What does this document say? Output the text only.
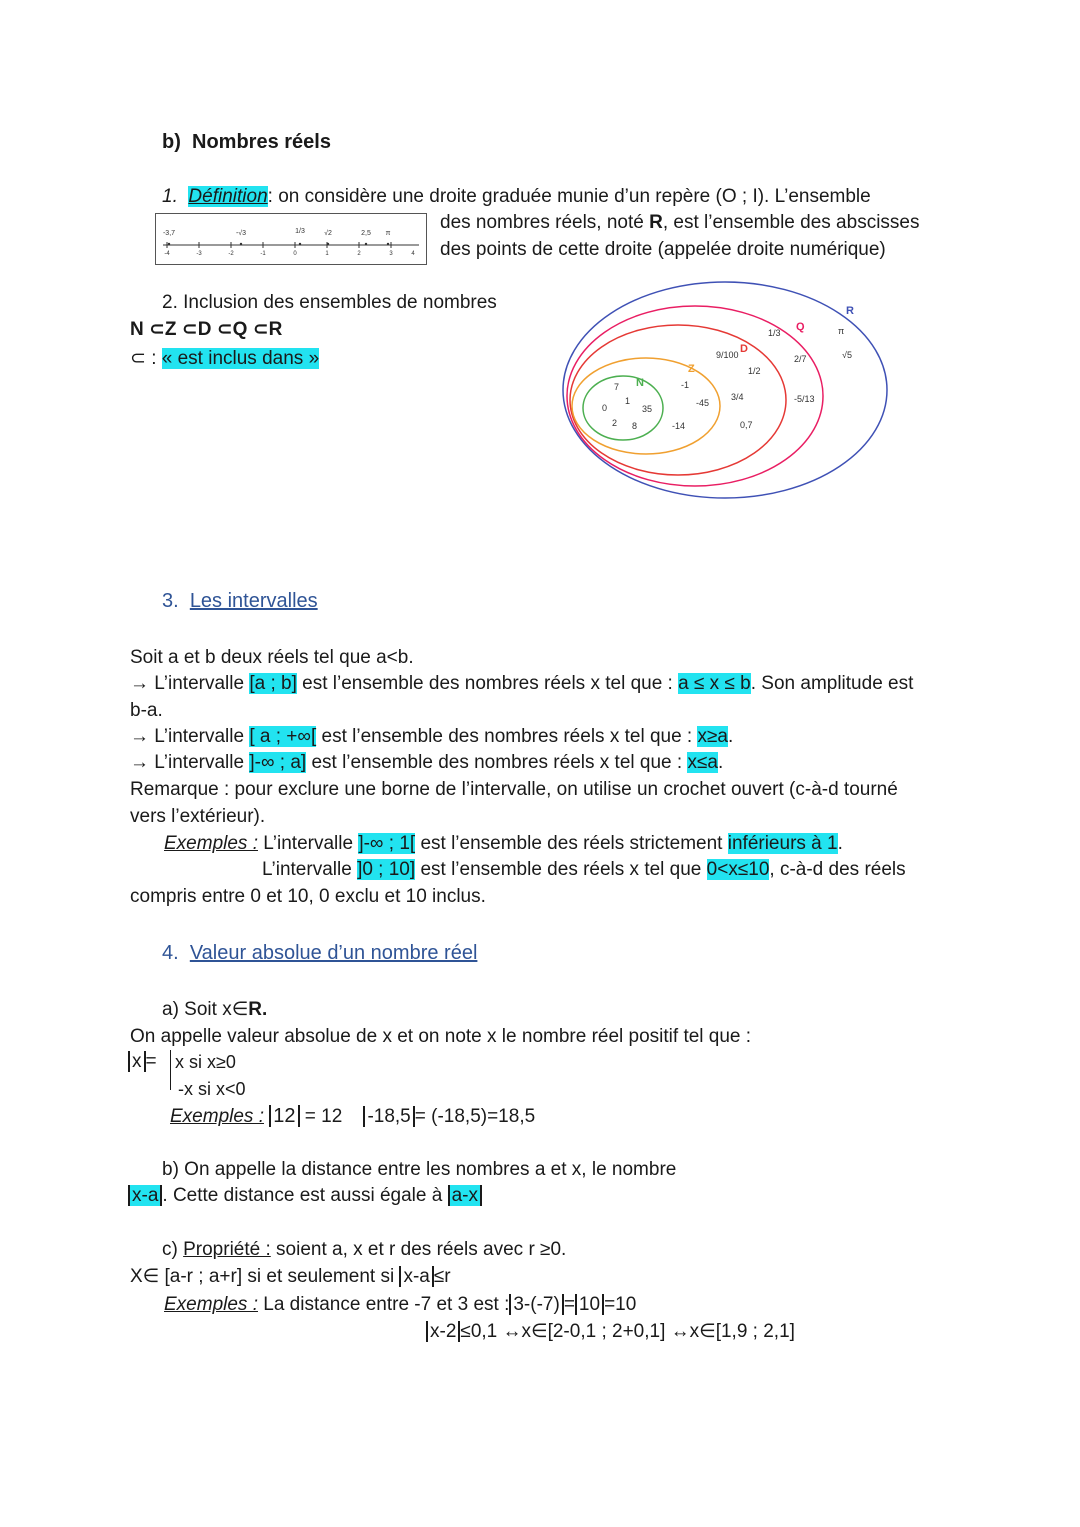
b) Nombres réels
1. Définition: on considère une droite graduée munie d’un repère (O ; I). L’ensemble
des nombres réels, noté R, est l’ensemble des abscisses
des points de cette droite (appelée droite numérique)
-3,7	-√3	1/3	√2	2,5 π
-4	-3	-2	-1	0	1	2	3	4
2. Inclusion des ensembles de nombres
N ⊂Z ⊂D ⊂Q ⊂R
⊂ : « est inclus dans »
N
Z
D
Q
R
7
0
1
35
2 8
-1
-45
-14
9/100
1/2
3/4
0,7
1/3
2/7
-5/13
π
√5
3. Les intervalles
Soit a et b deux réels tel que a<b.
→ L’intervalle [a ; b] est l’ensemble des nombres réels x tel que : a ≤ x ≤ b. Son amplitude est
b-a.
→ L’intervalle [ a ; +∞[ est l’ensemble des nombres réels x tel que : x≥a.
→ L’intervalle ]-∞ ; a] est l’ensemble des nombres réels x tel que : x≤a.
Remarque : pour exclure une borne de l’intervalle, on utilise un crochet ouvert (c-à-d tourné
vers l’extérieur).
Exemples : L’intervalle ]-∞ ; 1[ est l’ensemble des réels strictement inférieurs à 1.
L’intervalle ]0 ; 10] est l’ensemble des réels x tel que 0<x≤10, c-à-d des réels
compris entre 0 et 10, 0 exclu et 10 inclus.
4. Valeur absolue d’un nombre réel
a) Soit x∈R.
On appelle valeur absolue de x et on note x le nombre réel positif tel que :
x = x si x≥0
-x si x<0
Exemples : 12 = 12 -18,5 = (-18,5)=18,5
b) On appelle la distance entre les nombres a et x, le nombre
x-a . Cette distance est aussi égale à a-x
c) Propriété : soient a, x et r des réels avec r ≥0.
X∈ [a-r ; a+r] si et seulement si x-a ≤r
Exemples : La distance entre -7 et 3 est : 3-(-7) = 10 =10
x-2 ≤0,1 ↔x∈[2-0,1 ; 2+0,1] ↔x∈[1,9 ; 2,1]
